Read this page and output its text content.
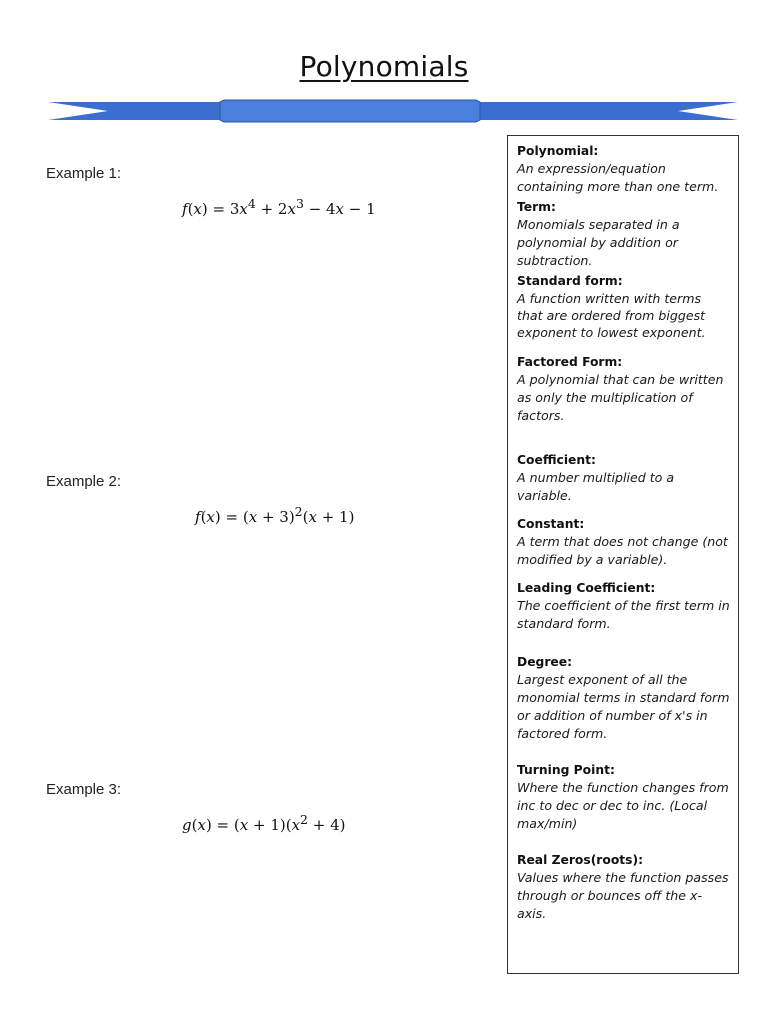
Polynomials
Example 1:
$f(x) = 3x^4 + 2x^3 - 4x - 1$
Example 2:
$f(x) = (x + 3)^2(x + 1)$
Example 3:
$g(x) = (x + 1)(x^2 + 4)$
Polynomial:
An expression/equation containing more than one term.
Term:
Monomials separated in a polynomial by addition or subtraction.
Standard form:
A function written with terms that are ordered from biggest exponent to lowest exponent.
Factored Form:
A polynomial that can be written as only the multiplication of factors.
Coefficient:
A number multiplied to a variable.
Constant:
A term that does not change (not modified by a variable).
Leading Coefficient:
The coefficient of the first term in standard form.
Degree:
Largest exponent of all the monomial terms in standard form or addition of number of x's in factored form.
Turning Point:
Where the function changes from inc to dec or dec to inc. (Local max/min)
Real Zeros(roots):
Values where the function passes through or bounces off the x-axis.
